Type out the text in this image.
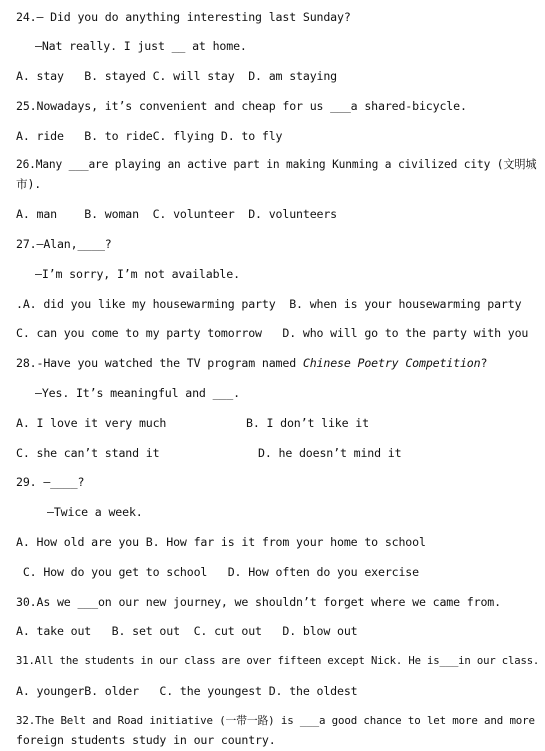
24.— Did you do anything interesting last Sunday?
—Nat really. I just __ at home.
A. stay   B. stayed C. will stay  D. am staying
25.Nowadays, it’s convenient and cheap for us ___a shared-bicycle.
A. ride   B. to rideC. flying D. to fly
26.Many ___are playing an active part in making Kunming a civilized city (文明城
市).
A. man    B. woman  C. volunteer  D. volunteers
27.—Alan,____?
—I’m sorry, I’m not available.
.A. did you like my housewarming party  B. when is your housewarming party
C. can you come to my party tomorrow   D. who will go to the party with you
28.-Have you watched the TV program named Chinese Poetry Competition?
—Yes. It’s meaningful and ___.
A. I love it very much	B. I don’t like it
C. she can’t stand it	D. he doesn’t mind it
29. —____?
—Twice a week.
A. How old are you B. How far is it from your home to school
C. How do you get to school   D. How often do you exercise
30.As we ___on our new journey, we shouldn’t forget where we came from.
A. take out   B. set out  C. cut out   D. blow out
31.All the students in our class are over fifteen except Nick. He is___in our class.
A. youngerB. older   C. the youngest D. the oldest
32.The Belt and Road initiative (一带一路) is ___a good chance to let more and more
foreign students study in our country.
